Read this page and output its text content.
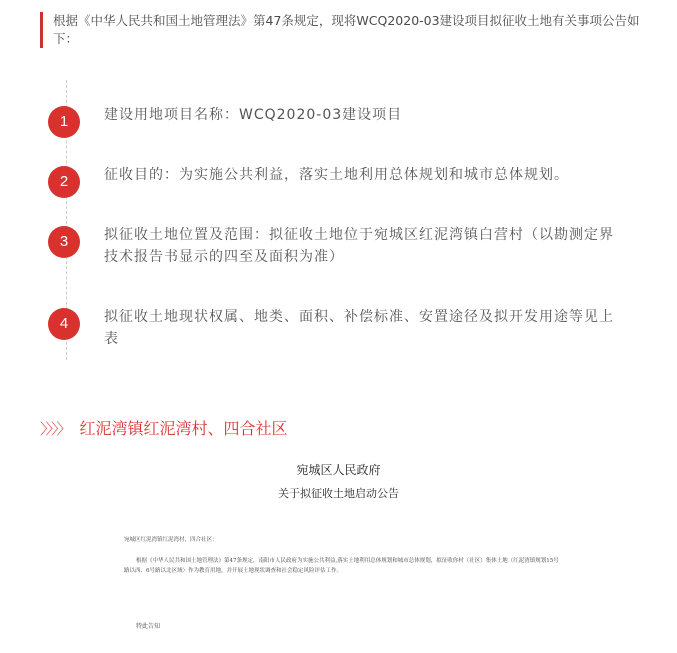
根据《中华人民共和国土地管理法》第47条规定，现将WCQ2020-03建设项目拟征收土地有关事项公告如下：
1	建设用地项目名称：WCQ2020-03建设项目
2	征收目的：为实施公共利益，落实土地利用总体规划和城市总体规划。
3	拟征收土地位置及范围：拟征收土地位于宛城区红泥湾镇白营村（以勘测定界技术报告书显示的四至及面积为准）
4	拟征收土地现状权属、地类、面积、补偿标准、安置途径及拟开发用途等见上表
〉〉〉〉 红泥湾镇红泥湾村、四合社区
宛城区人民政府
关于拟征收土地启动公告
宛城区红泥湾镇红泥湾村、四合社区：
根据《中华人民共和国土地管理法》第47条规定，南阳市人民政府为实施公共利益,落实土地利用总体规划和城市总体规划，拟征收你村（社区）集体土地（红泥湾镇规划15号路以西、6号路以北区域）作为教育用地，并开展土地现状调查和社会稳定风险评估工作。
特此告知
